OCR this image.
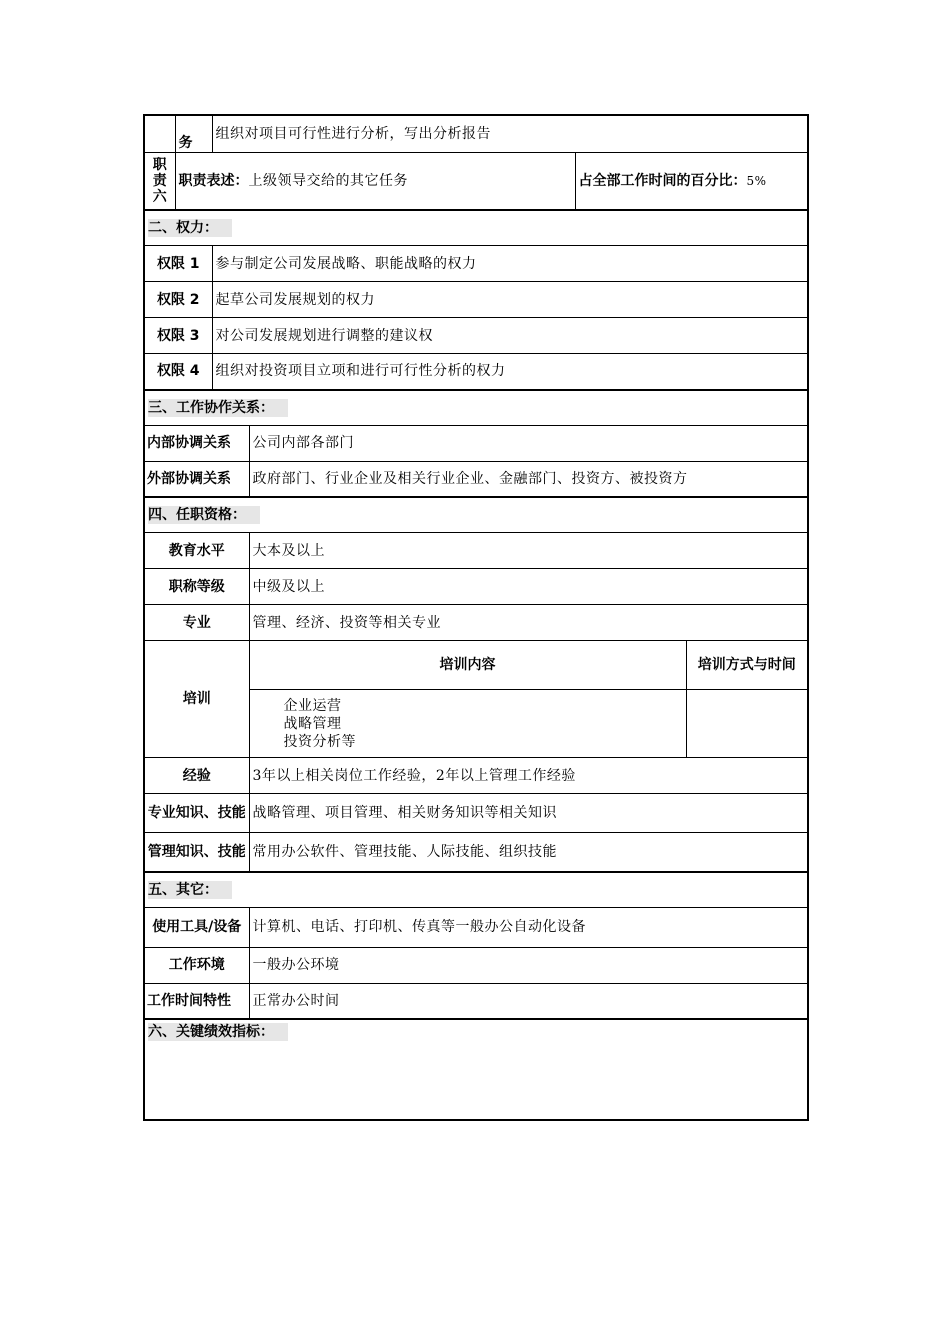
	务	组织对项目可行性进行分析，写出分析报告			
职责六	职责表述：上级领导交给的其它任务			占全部工作时间的百分比：5%	
二、权力：					
权限 1		参与制定公司发展战略、职能战略的权力			
权限 2		起草公司发展规划的权力			
权限 3		对公司发展规划进行调整的建议权			
权限 4		组织对投资项目立项和进行可行性分析的权力			
三、工作协作关系：					
内部协调关系			公司内部各部门		
外部协调关系			政府部门、行业企业及相关行业企业、金融部门、投资方、被投资方		
四、任职资格：					
教育水平			大本及以上		
职称等级			中级及以上		
专业			管理、经济、投资等相关专业		
培训			培训内容		培训方式与时间

			企业运营
战略管理
投资分析等		

经验			3年以上相关岗位工作经验，2年以上管理工作经验		
专业知识、技能			战略管理、项目管理、相关财务知识等相关知识		
管理知识、技能			常用办公软件、管理技能、人际技能、组织技能		
五、其它：					
使用工具/设备			计算机、电话、打印机、传真等一般办公自动化设备		
工作环境			一般办公环境		
工作时间特性			正常办公时间		
六、关键绩效指标：					
